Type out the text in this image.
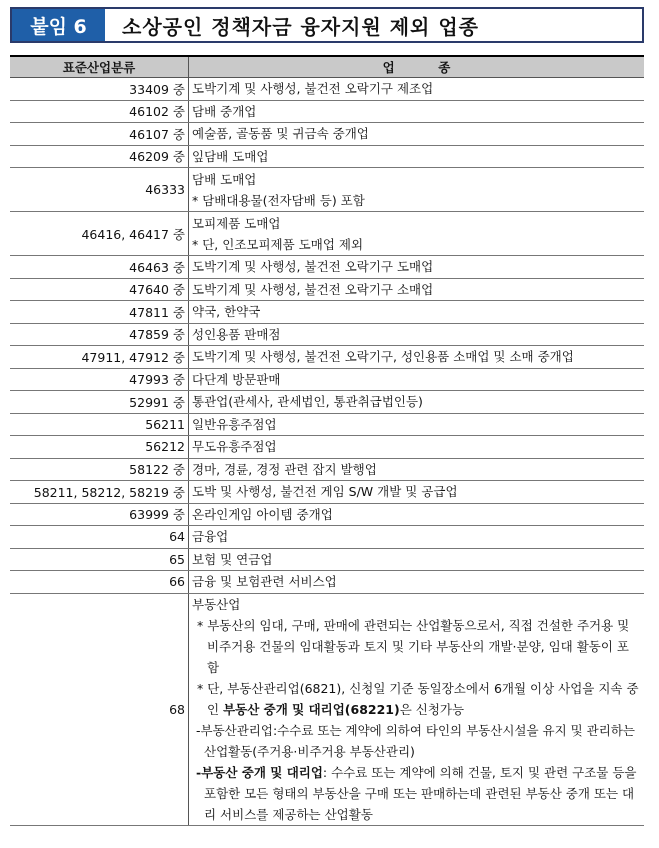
붙임 6	소상공인 정책자금 융자지원 제외 업종
표준산업분류	업          종
33409 중	도박기계 및 사행성, 불건전 오락기구 제조업

46102 중	담배 중개업

46107 중	예술품, 골동품 및 귀금속 중개업

46209 중	잎담배 도매업

46333	담배 도매업
* 담배대용물(전자담배 등) 포함

46416, 46417 중	모피제품 도매업
* 단, 인조모피제품 도매업 제외

46463 중	도박기계 및 사행성, 불건전 오락기구 도매업

47640 중	도박기계 및 사행성, 불건전 오락기구 소매업

47811 중	약국, 한약국

47859 중	성인용품 판매점

47911, 47912 중	도박기계 및 사행성, 불건전 오락기구, 성인용품 소매업 및 소매 중개업

47993 중	다단계 방문판매

52991 중	통관업(관세사, 관세법인, 통관취급법인등)

56211	일반유흥주점업

56212	무도유흥주점업

58122 중	경마, 경륜, 경정 관련 잡지 발행업

58211, 58212, 58219 중	도박 및 사행성, 불건전 게임 S/W 개발 및 공급업

63999 중	온라인게임 아이템 중개업

64	금융업

65	보험 및 연금업

66	금융 및 보험관련 서비스업

68	부동산업
* 부동산의 임대, 구매, 판매에 관련되는 산업활동으로서, 직접 건설한 주거용 및 비주거용 건물의 임대활동과 토지 및 기타 부동산의 개발·분양, 임대 활동이 포함
* 단, 부동산관리업(6821), 신청일 기준 동일장소에서 6개월 이상 사업을 지속 중인 부동산 중개 및 대리업(68221)은 신청가능
-부동산관리업:수수료 또는 계약에 의하여 타인의 부동산시설을 유지 및 관리하는 산업활동(주거용·비주거용 부동산관리)
-부동산 중개 및 대리업: 수수료 또는 계약에 의해 건물, 토지 및 관련 구조물 등을 포함한 모든 형태의 부동산을 구매 또는 판매하는데 관련된 부동산 중개 또는 대리 서비스를 제공하는 산업활동
